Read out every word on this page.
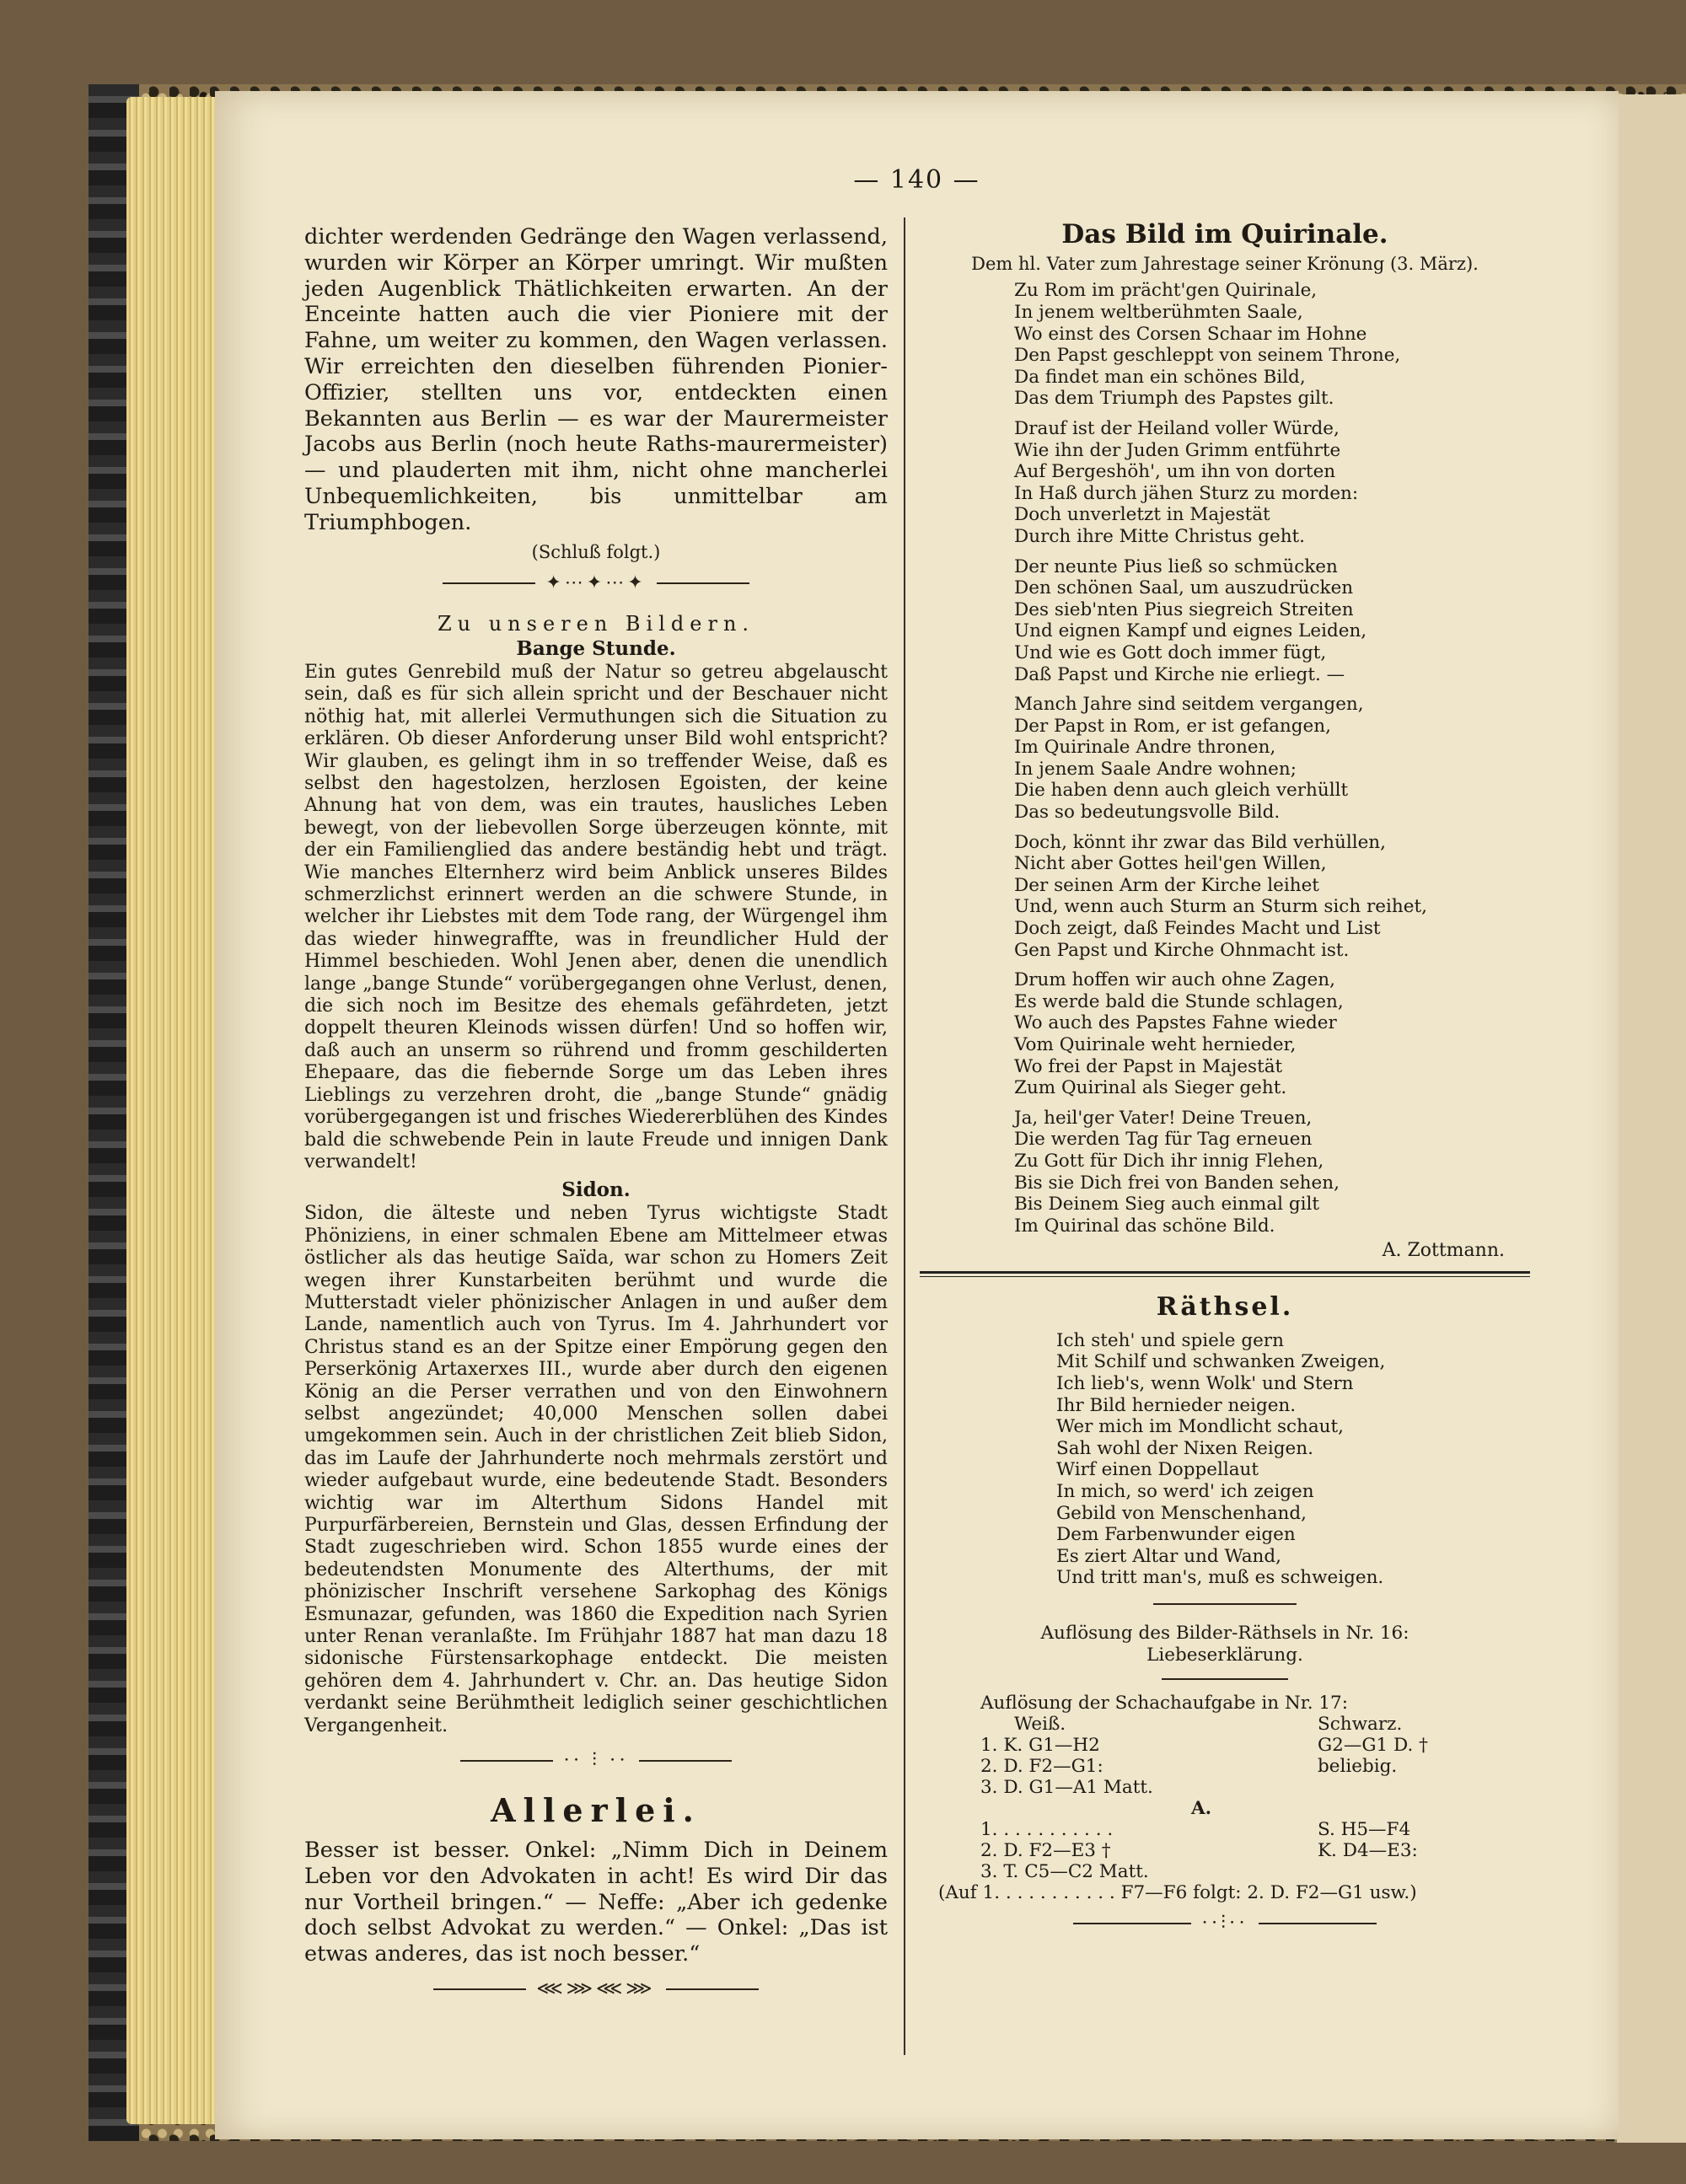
— 140 —

dichter werdenden Gedränge den Wagen verlassend, wurden wir Körper an Körper umringt. Wir mußten jeden Augenblick Thätlichkeiten erwarten. An der Enceinte hatten auch die vier Pioniere mit der Fahne, um weiter zu kommen, den Wagen verlassen. Wir erreichten den dieselben führenden Pionier-Offizier, stellten uns vor, entdeckten einen Bekannten aus Berlin — es war der Maurermeister Jacobs aus Berlin (noch heute Raths-maurermeister) — und plauderten mit ihm, nicht ohne mancherlei Unbequemlichkeiten, bis unmittelbar am Triumphbogen.

(Schluß folgt.)

✦⋯✦⋯✦

Zu unseren Bildern.

Bange Stunde.

Ein gutes Genrebild muß der Natur so getreu abgelauscht sein, daß es für sich allein spricht und der Beschauer nicht nöthig hat, mit allerlei Vermuthungen sich die Situation zu erklären. Ob dieser Anforderung unser Bild wohl entspricht? Wir glauben, es gelingt ihm in so treffender Weise, daß es selbst den hagestolzen, herzlosen Egoisten, der keine Ahnung hat von dem, was ein trautes, hausliches Leben bewegt, von der liebevollen Sorge überzeugen könnte, mit der ein Familienglied das andere beständig hebt und trägt. Wie manches Elternherz wird beim Anblick unseres Bildes schmerzlichst erinnert werden an die schwere Stunde, in welcher ihr Liebstes mit dem Tode rang, der Würgengel ihm das wieder hinwegraffte, was in freundlicher Huld der Himmel beschieden. Wohl Jenen aber, denen die unendlich lange „bange Stunde“ vorübergegangen ohne Verlust, denen, die sich noch im Besitze des ehemals gefährdeten, jetzt doppelt theuren Kleinods wissen dürfen! Und so hoffen wir, daß auch an unserm so rührend und fromm geschilderten Ehepaare, das die fiebernde Sorge um das Leben ihres Lieblings zu verzehren droht, die „bange Stunde“ gnädig vorübergegangen ist und frisches Wiedererblühen des Kindes bald die schwebende Pein in laute Freude und innigen Dank verwandelt!

Sidon.

Sidon, die älteste und neben Tyrus wichtigste Stadt Phöniziens, in einer schmalen Ebene am Mittelmeer etwas östlicher als das heutige Saïda, war schon zu Homers Zeit wegen ihrer Kunstarbeiten berühmt und wurde die Mutterstadt vieler phönizischer Anlagen in und außer dem Lande, namentlich auch von Tyrus. Im 4. Jahrhundert vor Christus stand es an der Spitze einer Empörung gegen den Perserkönig Artaxerxes III., wurde aber durch den eigenen König an die Perser verrathen und von den Einwohnern selbst angezündet; 40,000 Menschen sollen dabei umgekommen sein. Auch in der christlichen Zeit blieb Sidon, das im Laufe der Jahrhunderte noch mehrmals zerstört und wieder aufgebaut wurde, eine bedeutende Stadt. Besonders wichtig war im Alterthum Sidons Handel mit Purpurfärbereien, Bernstein und Glas, dessen Erfindung der Stadt zugeschrieben wird. Schon 1855 wurde eines der bedeutendsten Monumente des Alterthums, der mit phönizischer Inschrift versehene Sarkophag des Königs Esmunazar, gefunden, was 1860 die Expedition nach Syrien unter Renan veranlaßte. Im Frühjahr 1887 hat man dazu 18 sidonische Fürstensarkophage entdeckt. Die meisten gehören dem 4. Jahrhundert v. Chr. an. Das heutige Sidon verdankt seine Berühmtheit lediglich seiner geschichtlichen Vergangenheit.

⋅⋅ ⫶ ⋅⋅

Allerlei.

Besser ist besser. Onkel: „Nimm Dich in Deinem Leben vor den Advokaten in acht! Es wird Dir das nur Vortheil bringen.“ — Neffe: „Aber ich gedenke doch selbst Advokat zu werden.“ — Onkel: „Das ist etwas anderes, das ist noch besser.“

⋘⋙⋘⋙

Das Bild im Quirinale.

Dem hl. Vater zum Jahrestage seiner Krönung (3. März).

Zu Rom im prächt'gen Quirinale,
In jenem weltberühmten Saale,
Wo einst des Corsen Schaar im Hohne
Den Papst geschleppt von seinem Throne,
Da findet man ein schönes Bild,
Das dem Triumph des Papstes gilt.
Drauf ist der Heiland voller Würde,
Wie ihn der Juden Grimm entführte
Auf Bergeshöh', um ihn von dorten
In Haß durch jähen Sturz zu morden:
Doch unverletzt in Majestät
Durch ihre Mitte Christus geht.
Der neunte Pius ließ so schmücken
Den schönen Saal, um auszudrücken
Des sieb'nten Pius siegreich Streiten
Und eignen Kampf und eignes Leiden,
Und wie es Gott doch immer fügt,
Daß Papst und Kirche nie erliegt. —
Manch Jahre sind seitdem vergangen,
Der Papst in Rom, er ist gefangen,
Im Quirinale Andre thronen,
In jenem Saale Andre wohnen;
Die haben denn auch gleich verhüllt
Das so bedeutungsvolle Bild.
Doch, könnt ihr zwar das Bild verhüllen,
Nicht aber Gottes heil'gen Willen,
Der seinen Arm der Kirche leihet
Und, wenn auch Sturm an Sturm sich reihet,
Doch zeigt, daß Feindes Macht und List
Gen Papst und Kirche Ohnmacht ist.
Drum hoffen wir auch ohne Zagen,
Es werde bald die Stunde schlagen,
Wo auch des Papstes Fahne wieder
Vom Quirinale weht hernieder,
Wo frei der Papst in Majestät
Zum Quirinal als Sieger geht.
Ja, heil'ger Vater! Deine Treuen,
Die werden Tag für Tag erneuen
Zu Gott für Dich ihr innig Flehen,
Bis sie Dich frei von Banden sehen,
Bis Deinem Sieg auch einmal gilt
Im Quirinal das schöne Bild.

A. Zottmann.

Räthsel.

Ich steh' und spiele gern
Mit Schilf und schwanken Zweigen,
Ich lieb's, wenn Wolk' und Stern
Ihr Bild hernieder neigen.
Wer mich im Mondlicht schaut,
Sah wohl der Nixen Reigen.
Wirf einen Doppellaut
In mich, so werd' ich zeigen
Gebild von Menschenhand,
Dem Farbenwunder eigen
Es ziert Altar und Wand,
Und tritt man's, muß es schweigen.

Auflösung des Bilder-Räthsels in Nr. 16:

Liebeserklärung.

Auflösung der Schachaufgabe in Nr. 17:
Weiß.	Schwarz.
1. K. G1—H2	G2—G1 D. †
2. D. F2—G1:	beliebig.
3. D. G1—A1 Matt.
A.
1. . . . . . . . . . .	S. H5—F4
2. D. F2—E3 †	K. D4—E3:
3. T. C5—C2 Matt.
(Auf 1. . . . . . . . . . . F7—F6 folgt: 2. D. F2—G1 usw.)
⋅⋅⫶⋅⋅
